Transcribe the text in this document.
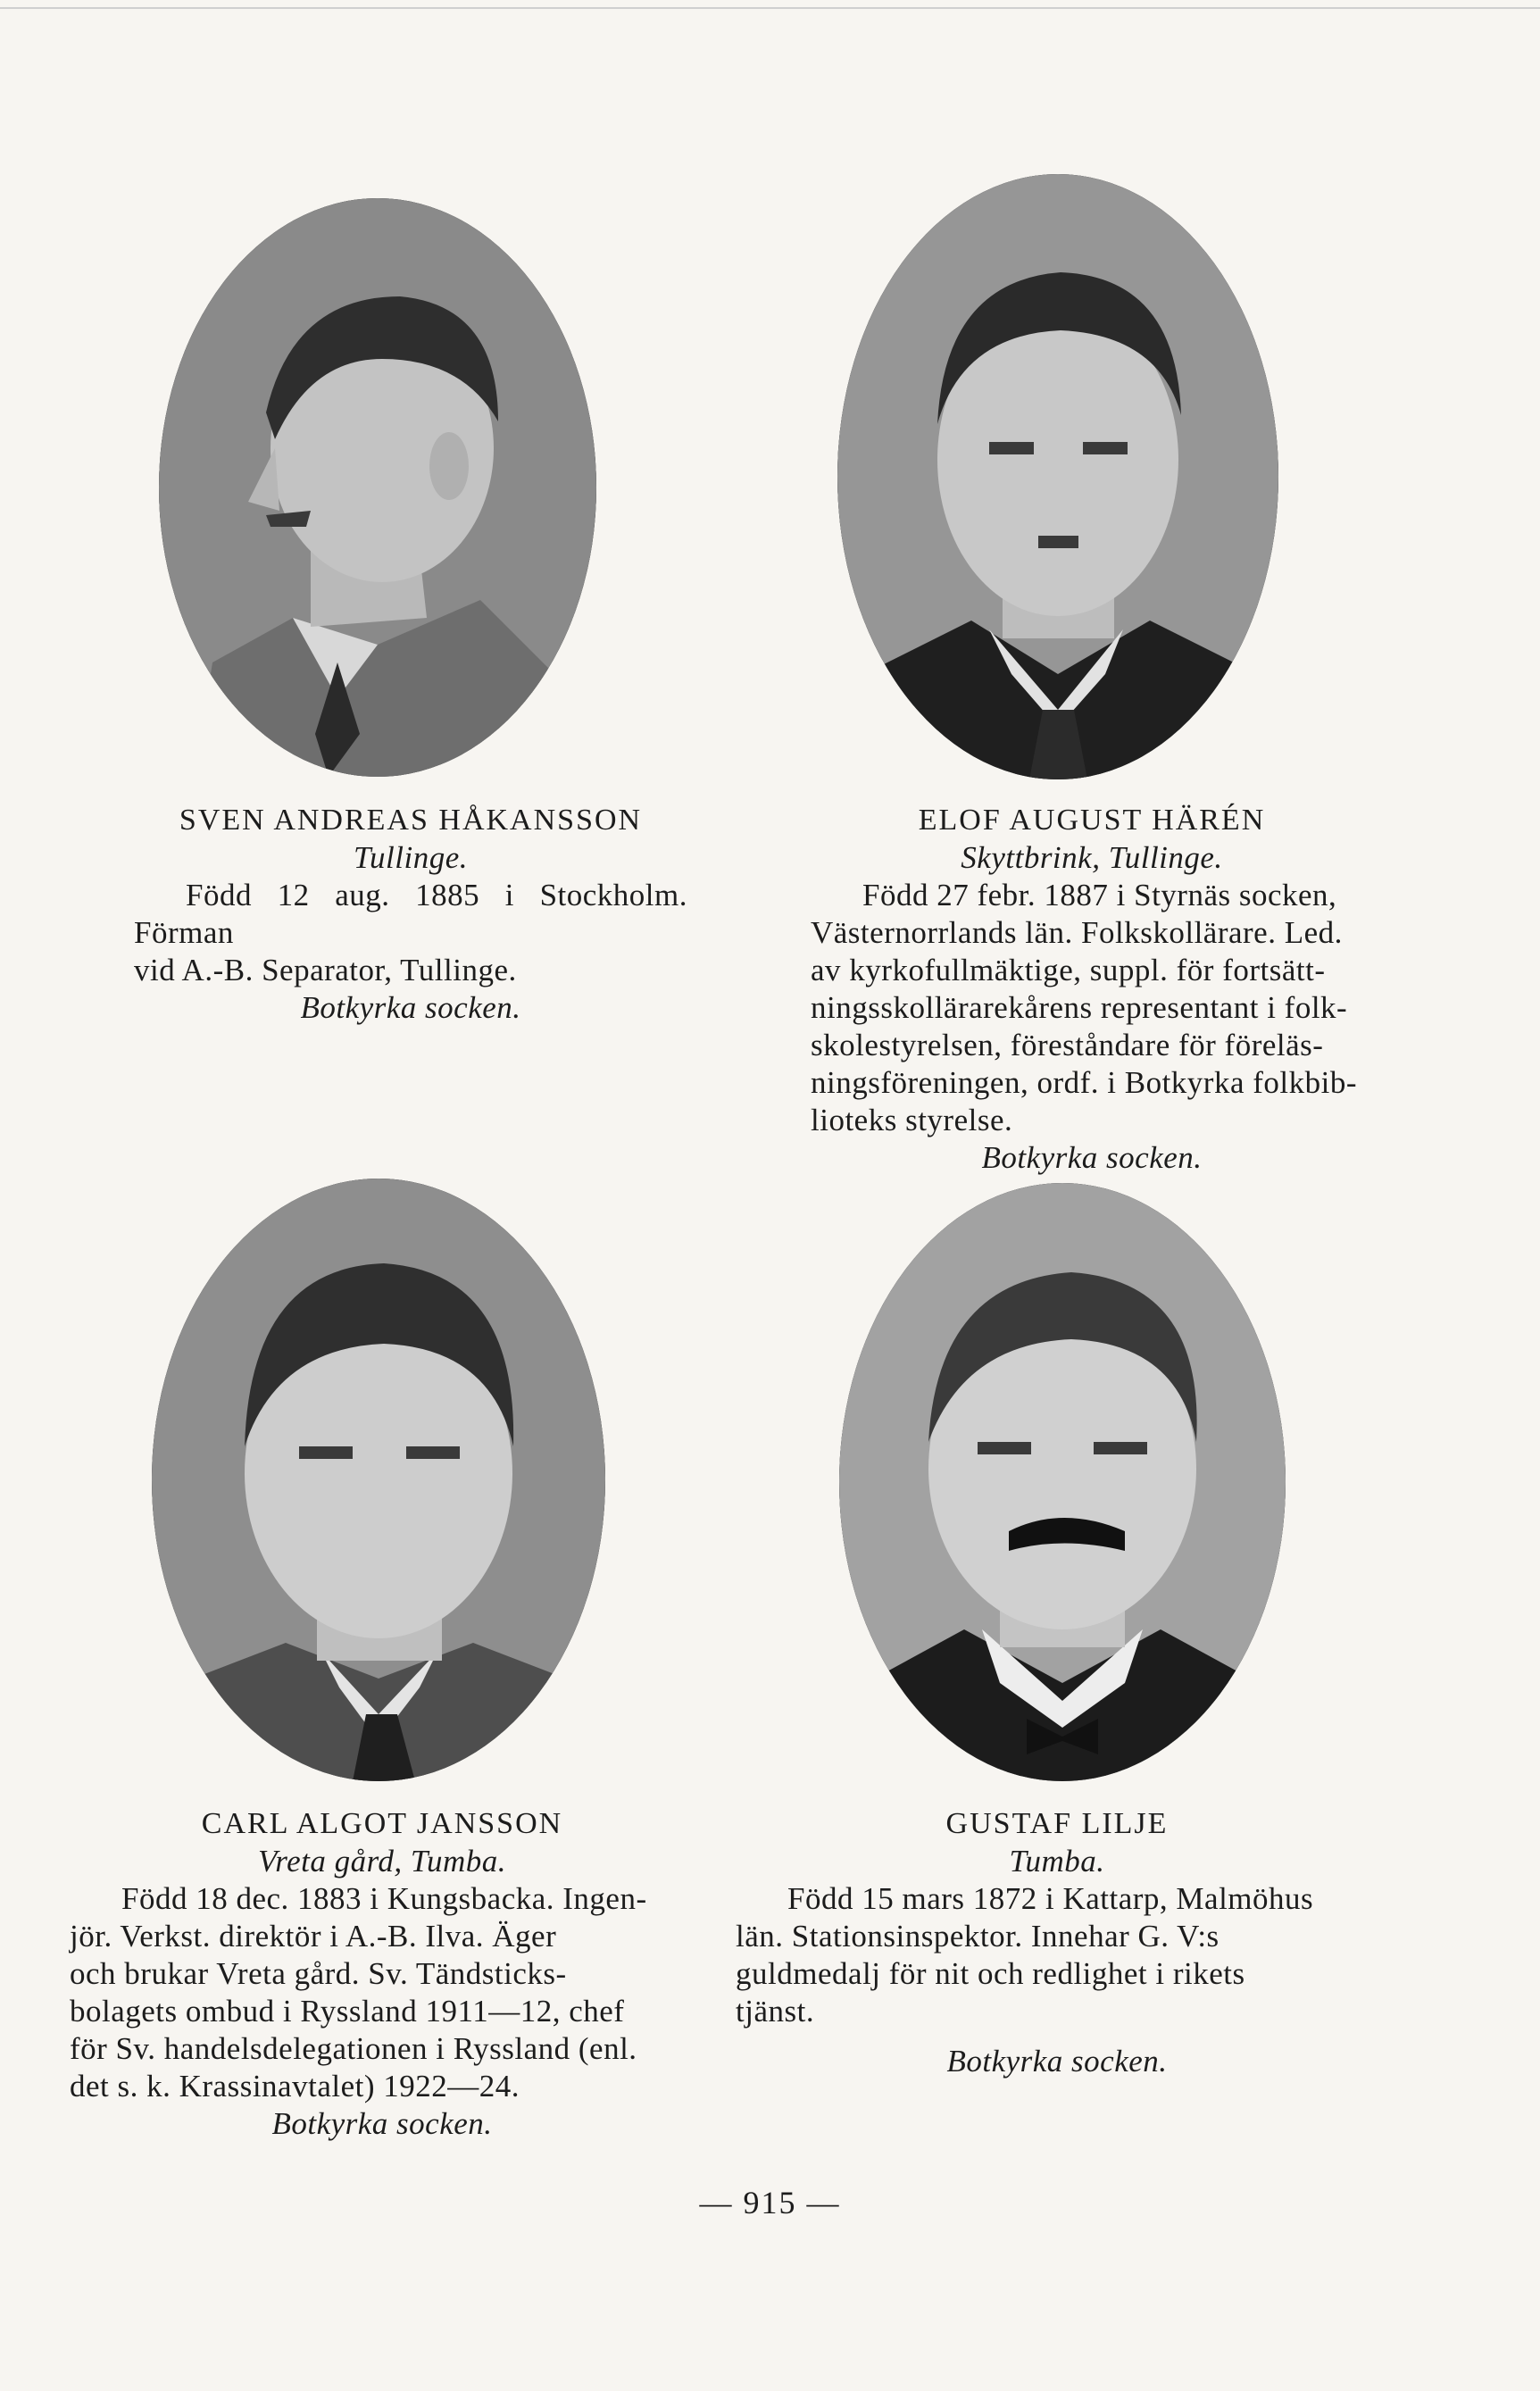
SVEN ANDREAS HÅKANSSON
Tullinge.
Född 12 aug. 1885 i Stockholm. Förman
vid A.-B. Separator, Tullinge.
Botkyrka socken.
ELOF AUGUST HÄRÉN
Skyttbrink, Tullinge.
Född 27 febr. 1887 i Styrnäs socken,
Västernorrlands län. Folkskollärare. Led.
av kyrkofullmäktige, suppl. för fortsätt-
ningsskollärarekårens representant i folk-
skolestyrelsen, föreståndare för föreläs-
ningsföreningen, ordf. i Botkyrka folkbib-
lioteks styrelse.
Botkyrka socken.
CARL ALGOT JANSSON
Vreta gård, Tumba.
Född 18 dec. 1883 i Kungsbacka. Ingen-
jör. Verkst. direktör i A.-B. Ilva. Äger
och brukar Vreta gård. Sv. Tändsticks-
bolagets ombud i Ryssland 1911—12, chef
för Sv. handelsdelegationen i Ryssland (enl.
det s. k. Krassinavtalet) 1922—24.
Botkyrka socken.
GUSTAF LILJE
Tumba.
Född 15 mars 1872 i Kattarp, Malmöhus
län. Stationsinspektor. Innehar G. V:s
guldmedalj för nit och redlighet i rikets
tjänst.
Botkyrka socken.
— 915 —
